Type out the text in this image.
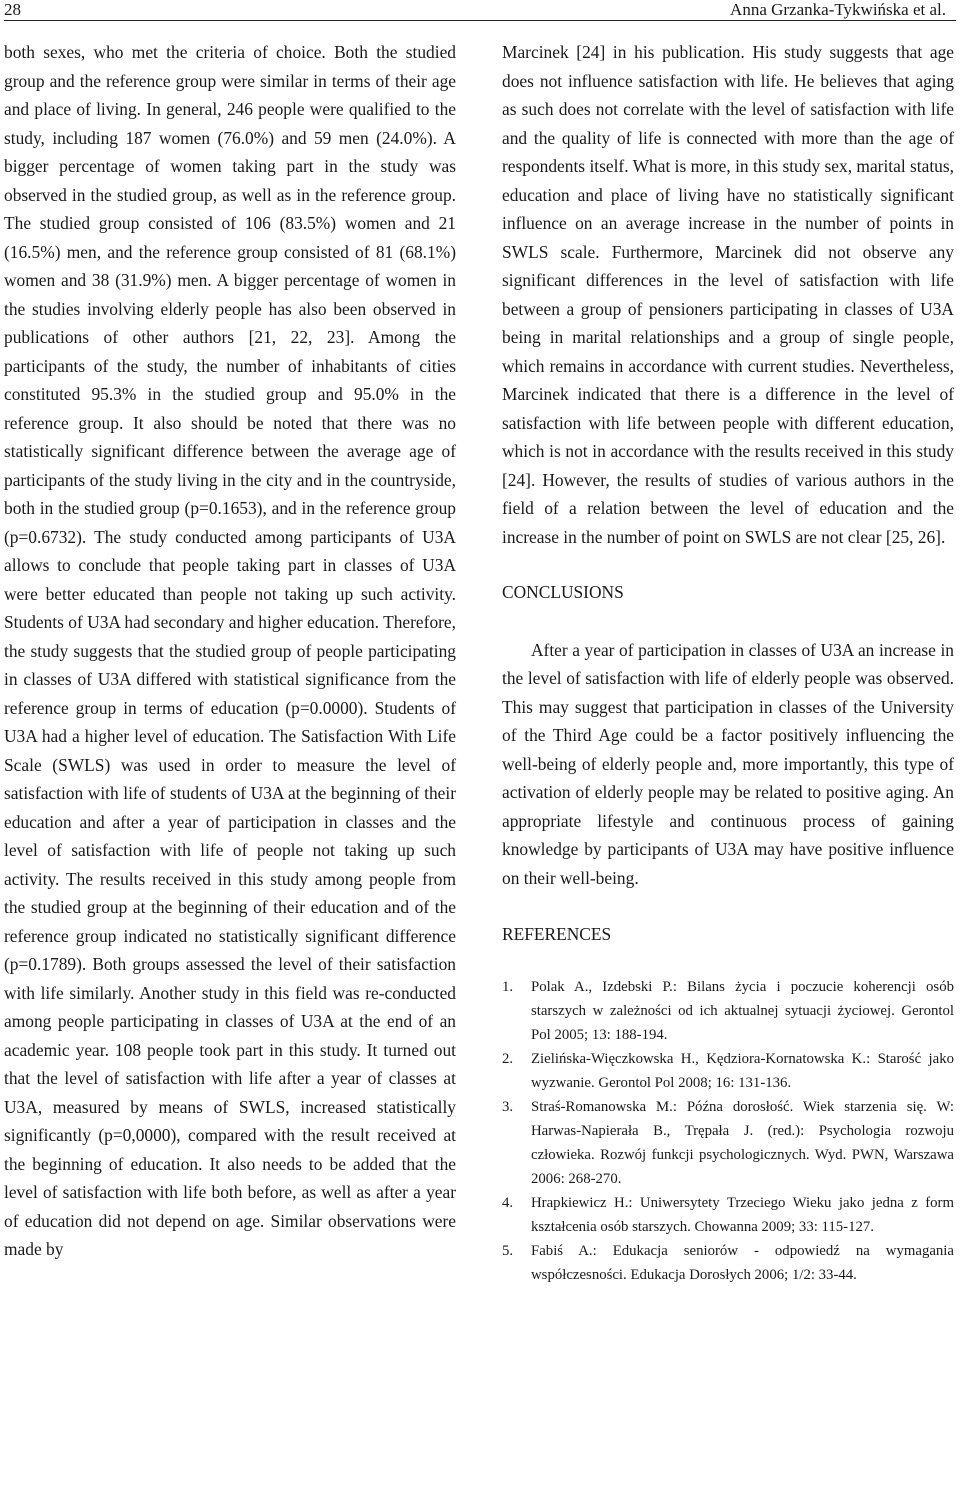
28	Anna Grzanka-Tykwińska et al.

both sexes, who met the criteria of choice. Both the studied group and the reference group were similar in terms of their age and place of living. In general, 246 people were qualified to the study, including 187 women (76.0%) and 59 men (24.0%). A bigger percentage of women taking part in the study was observed in the studied group, as well as in the reference group. The studied group consisted of 106 (83.5%) women and 21 (16.5%) men, and the reference group consisted of 81 (68.1%) women and 38 (31.9%) men. A bigger percentage of women in the studies involving elderly people has also been observed in publications of other authors [21, 22, 23]. Among the participants of the study, the number of inhabitants of cities constituted 95.3% in the studied group and 95.0% in the reference group. It also should be noted that there was no statistically significant difference between the average age of participants of the study living in the city and in the countryside, both in the studied group (p=0.1653), and in the reference group (p=0.6732). The study conducted among participants of U3A allows to conclude that people taking part in classes of U3A were better educated than people not taking up such activity. Students of U3A had secondary and higher education. Therefore, the study suggests that the studied group of people participating in classes of U3A differed with statistical significance from the reference group in terms of education (p=0.0000). Students of U3A had a higher level of education. The Satisfaction With Life Scale (SWLS) was used in order to measure the level of satisfaction with life of students of U3A at the beginning of their education and after a year of participation in classes and the level of satisfaction with life of people not taking up such activity. The results received in this study among people from the studied group at the beginning of their education and of the reference group indicated no statistically significant difference (p=0.1789). Both groups assessed the level of their satisfaction with life similarly. Another study in this field was re-conducted among people participating in classes of U3A at the end of an academic year. 108 people took part in this study. It turned out that the level of satisfaction with life after a year of classes at U3A, measured by means of SWLS, increased statistically significantly (p=0,0000), compared with the result received at the beginning of education. It also needs to be added that the level of satisfaction with life both before, as well as after a year of education did not depend on age. Similar observations were made by

Marcinek [24] in his publication. His study suggests that age does not influence satisfaction with life. He believes that aging as such does not correlate with the level of satisfaction with life and the quality of life is connected with more than the age of respondents itself. What is more, in this study sex, marital status, education and place of living have no statistically significant influence on an average increase in the number of points in SWLS scale. Furthermore, Marcinek did not observe any significant differences in the level of satisfaction with life between a group of pensioners participating in classes of U3A being in marital relationships and a group of single people, which remains in accordance with current studies. Nevertheless, Marcinek indicated that there is a difference in the level of satisfaction with life between people with different education, which is not in accordance with the results received in this study [24]. However, the results of studies of various authors in the field of a relation between the level of education and the increase in the number of point on SWLS are not clear [25, 26].

CONCLUSIONS

After a year of participation in classes of U3A an increase in the level of satisfaction with life of elderly people was observed. This may suggest that participation in classes of the University of the Third Age could be a factor positively influencing the well-being of elderly people and, more importantly, this type of activation of elderly people may be related to positive aging. An appropriate lifestyle and continuous process of gaining knowledge by participants of U3A may have positive influence on their well-being.

REFERENCES
1. Polak A., Izdebski P.: Bilans życia i poczucie koherencji osób starszych w zależności od ich aktualnej sytuacji życiowej. Gerontol Pol 2005; 13: 188-194.
2. Zielińska-Więczkowska H., Kędziora-Kornatowska K.: Starość jako wyzwanie. Gerontol Pol 2008; 16: 131-136.
3. Straś-Romanowska M.: Późna dorosłość. Wiek starzenia się. W: Harwas-Napierała B., Trępała J. (red.): Psychologia rozwoju człowieka. Rozwój funkcji psychologicznych. Wyd. PWN, Warszawa 2006: 268-270.
4. Hrapkiewicz H.: Uniwersytety Trzeciego Wieku jako jedna z form kształcenia osób starszych. Chowanna 2009; 33: 115-127.
5. Fabiś A.: Edukacja seniorów - odpowiedź na wymagania współczesności. Edukacja Dorosłych 2006; 1/2: 33-44.
